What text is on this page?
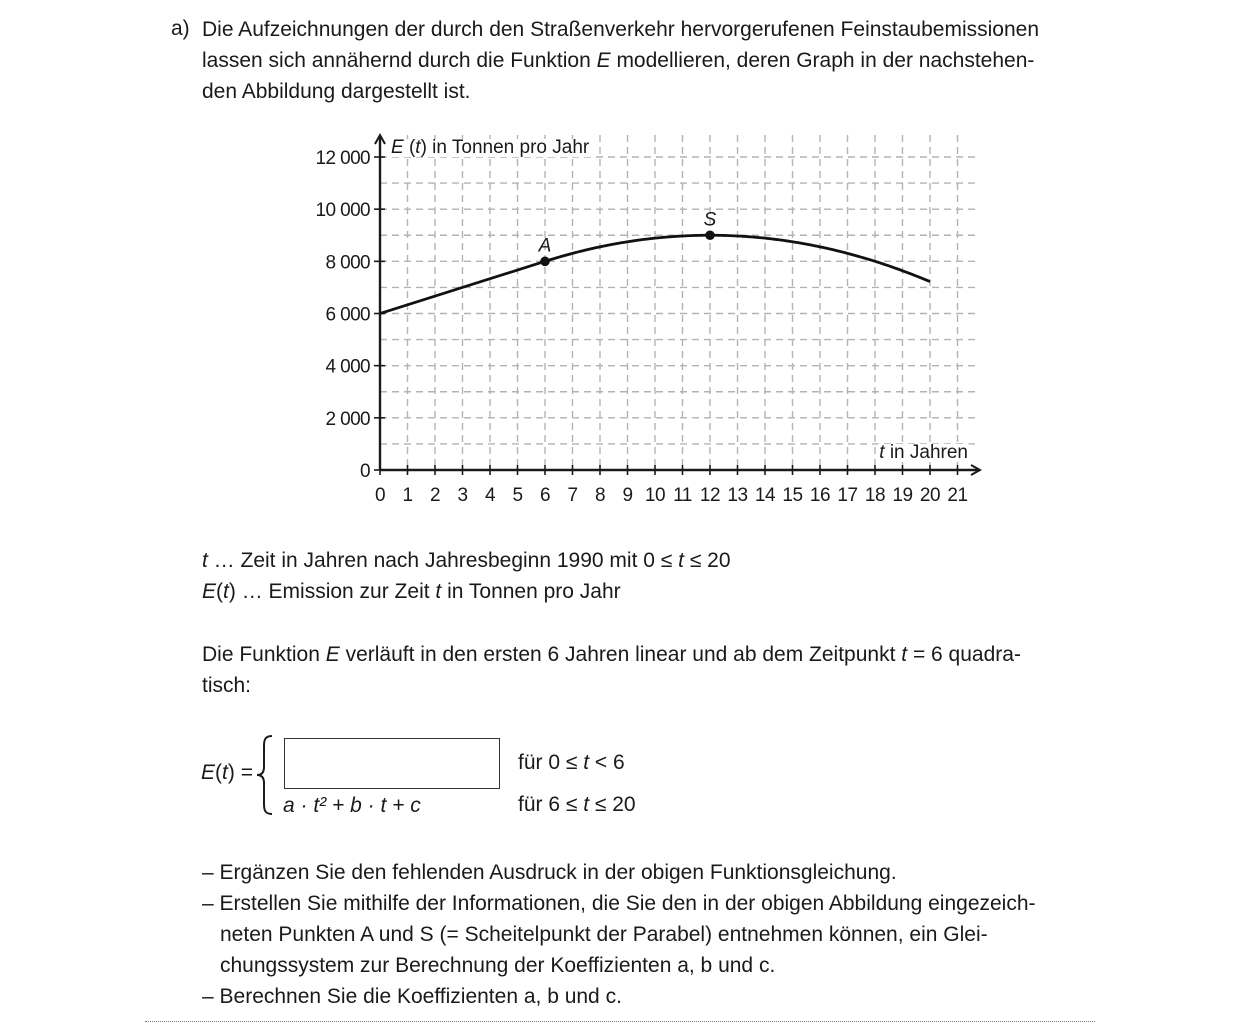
a) Die Aufzeichnungen der durch den Straßenverkehr hervorgerufenen Feinstaubemissionen
lassen sich annähernd durch die Funktion E modellieren, deren Graph in der nachstehen-
den Abbildung dargestellt ist.
0 1 2 3 4 5 6 7 8 9 10 11 12 13 14 15 16 17 18 19 20 21
0
2 000
4 000
6 000
8 000
10 000
12 000
A
S
E (t) in Tonnen pro Jahr
t in Jahren
t … Zeit in Jahren nach Jahresbeginn 1990 mit 0 ≤ t ≤ 20
E(t) … Emission zur Zeit t in Tonnen pro Jahr
Die Funktion E verläuft in den ersten 6 Jahren linear und ab dem Zeitpunkt t = 6 quadra-
tisch:
E(t) =	für 0 ≤ t < 6
a · t² + b · t + c	für 6 ≤ t ≤ 20
– Ergänzen Sie den fehlenden Ausdruck in der obigen Funktionsgleichung.
– Erstellen Sie mithilfe der Informationen, die Sie den in der obigen Abbildung eingezeich-
neten Punkten A und S (= Scheitelpunkt der Parabel) entnehmen können, ein Glei-
chungssystem zur Berechnung der Koeffizienten a, b und c.
– Berechnen Sie die Koeffizienten a, b und c.
